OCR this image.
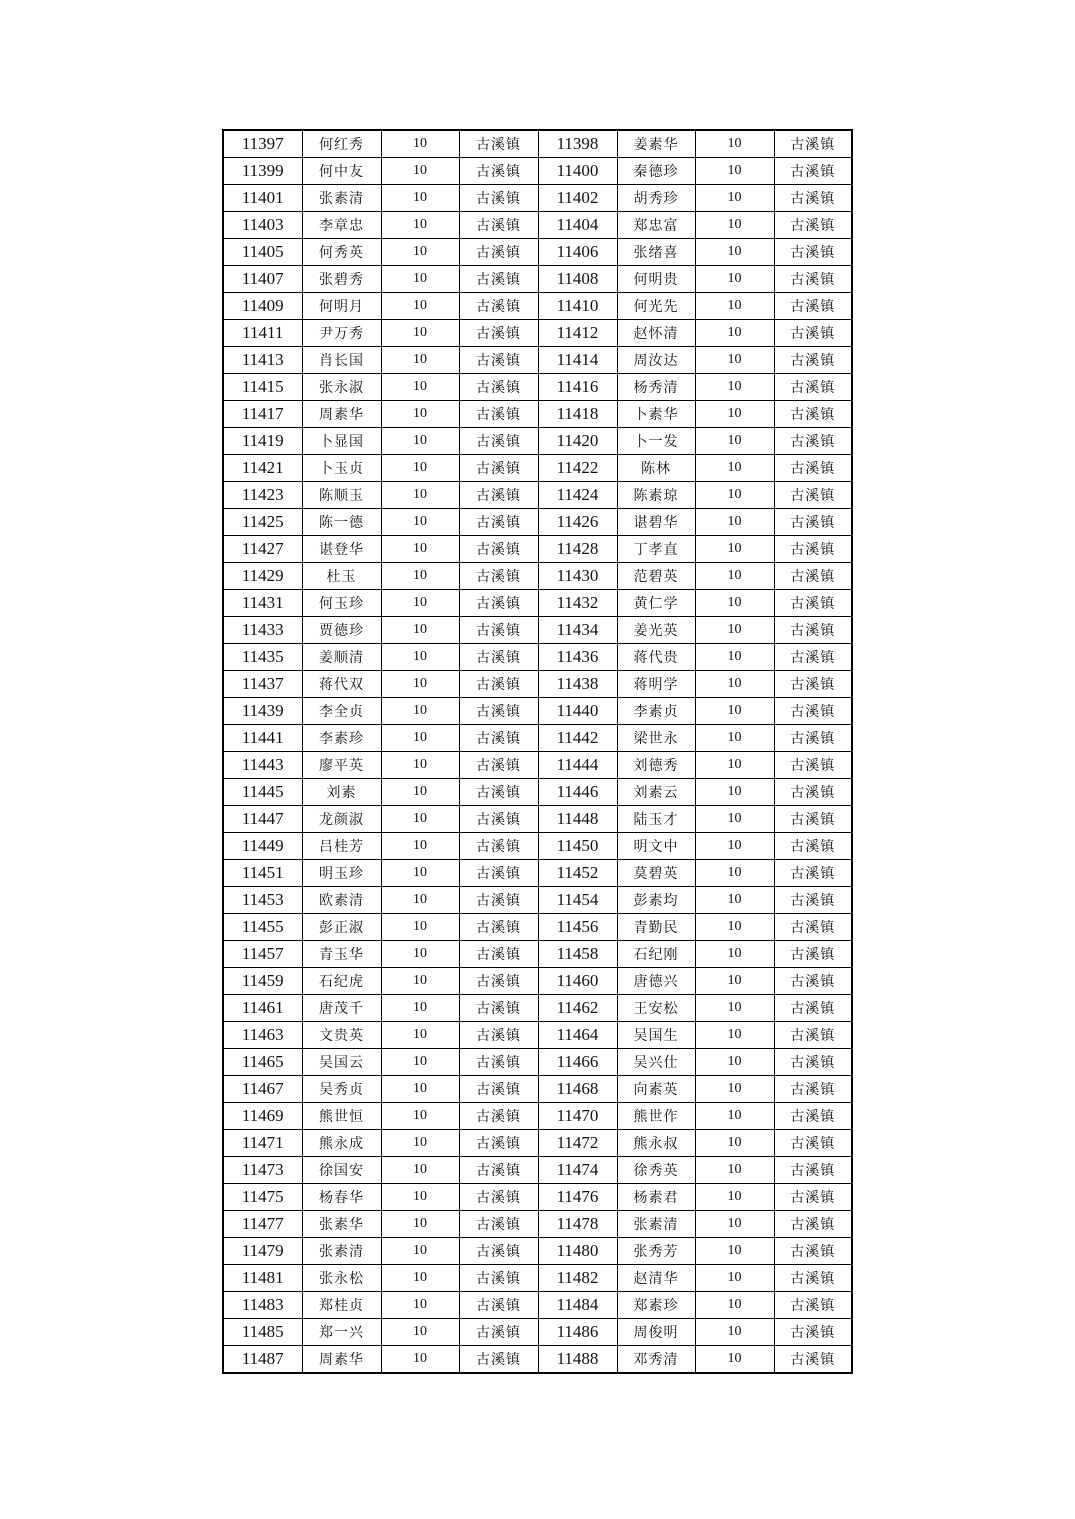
11397	何红秀	10	古溪镇	11398	姜素华	10	古溪镇
11399	何中友	10	古溪镇	11400	秦德珍	10	古溪镇
11401	张素清	10	古溪镇	11402	胡秀珍	10	古溪镇
11403	李章忠	10	古溪镇	11404	郑忠富	10	古溪镇
11405	何秀英	10	古溪镇	11406	张绪喜	10	古溪镇
11407	张碧秀	10	古溪镇	11408	何明贵	10	古溪镇
11409	何明月	10	古溪镇	11410	何光先	10	古溪镇
11411	尹万秀	10	古溪镇	11412	赵怀清	10	古溪镇
11413	肖长国	10	古溪镇	11414	周汝达	10	古溪镇
11415	张永淑	10	古溪镇	11416	杨秀清	10	古溪镇
11417	周素华	10	古溪镇	11418	卜素华	10	古溪镇
11419	卜显国	10	古溪镇	11420	卜一发	10	古溪镇
11421	卜玉贞	10	古溪镇	11422	陈林	10	古溪镇
11423	陈顺玉	10	古溪镇	11424	陈素琼	10	古溪镇
11425	陈一德	10	古溪镇	11426	谌碧华	10	古溪镇
11427	谌登华	10	古溪镇	11428	丁孝直	10	古溪镇
11429	杜玉	10	古溪镇	11430	范碧英	10	古溪镇
11431	何玉珍	10	古溪镇	11432	黄仁学	10	古溪镇
11433	贾德珍	10	古溪镇	11434	姜光英	10	古溪镇
11435	姜顺清	10	古溪镇	11436	蒋代贵	10	古溪镇
11437	蒋代双	10	古溪镇	11438	蒋明学	10	古溪镇
11439	李全贞	10	古溪镇	11440	李素贞	10	古溪镇
11441	李素珍	10	古溪镇	11442	梁世永	10	古溪镇
11443	廖平英	10	古溪镇	11444	刘德秀	10	古溪镇
11445	刘素	10	古溪镇	11446	刘素云	10	古溪镇
11447	龙颜淑	10	古溪镇	11448	陆玉才	10	古溪镇
11449	吕桂芳	10	古溪镇	11450	明文中	10	古溪镇
11451	明玉珍	10	古溪镇	11452	莫碧英	10	古溪镇
11453	欧素清	10	古溪镇	11454	彭素均	10	古溪镇
11455	彭正淑	10	古溪镇	11456	青勤民	10	古溪镇
11457	青玉华	10	古溪镇	11458	石纪刚	10	古溪镇
11459	石纪虎	10	古溪镇	11460	唐德兴	10	古溪镇
11461	唐茂千	10	古溪镇	11462	王安松	10	古溪镇
11463	文贵英	10	古溪镇	11464	吴国生	10	古溪镇
11465	吴国云	10	古溪镇	11466	吴兴仕	10	古溪镇
11467	吴秀贞	10	古溪镇	11468	向素英	10	古溪镇
11469	熊世恒	10	古溪镇	11470	熊世作	10	古溪镇
11471	熊永成	10	古溪镇	11472	熊永叔	10	古溪镇
11473	徐国安	10	古溪镇	11474	徐秀英	10	古溪镇
11475	杨春华	10	古溪镇	11476	杨素君	10	古溪镇
11477	张素华	10	古溪镇	11478	张素清	10	古溪镇
11479	张素清	10	古溪镇	11480	张秀芳	10	古溪镇
11481	张永松	10	古溪镇	11482	赵清华	10	古溪镇
11483	郑桂贞	10	古溪镇	11484	郑素珍	10	古溪镇
11485	郑一兴	10	古溪镇	11486	周俊明	10	古溪镇
11487	周素华	10	古溪镇	11488	邓秀清	10	古溪镇
